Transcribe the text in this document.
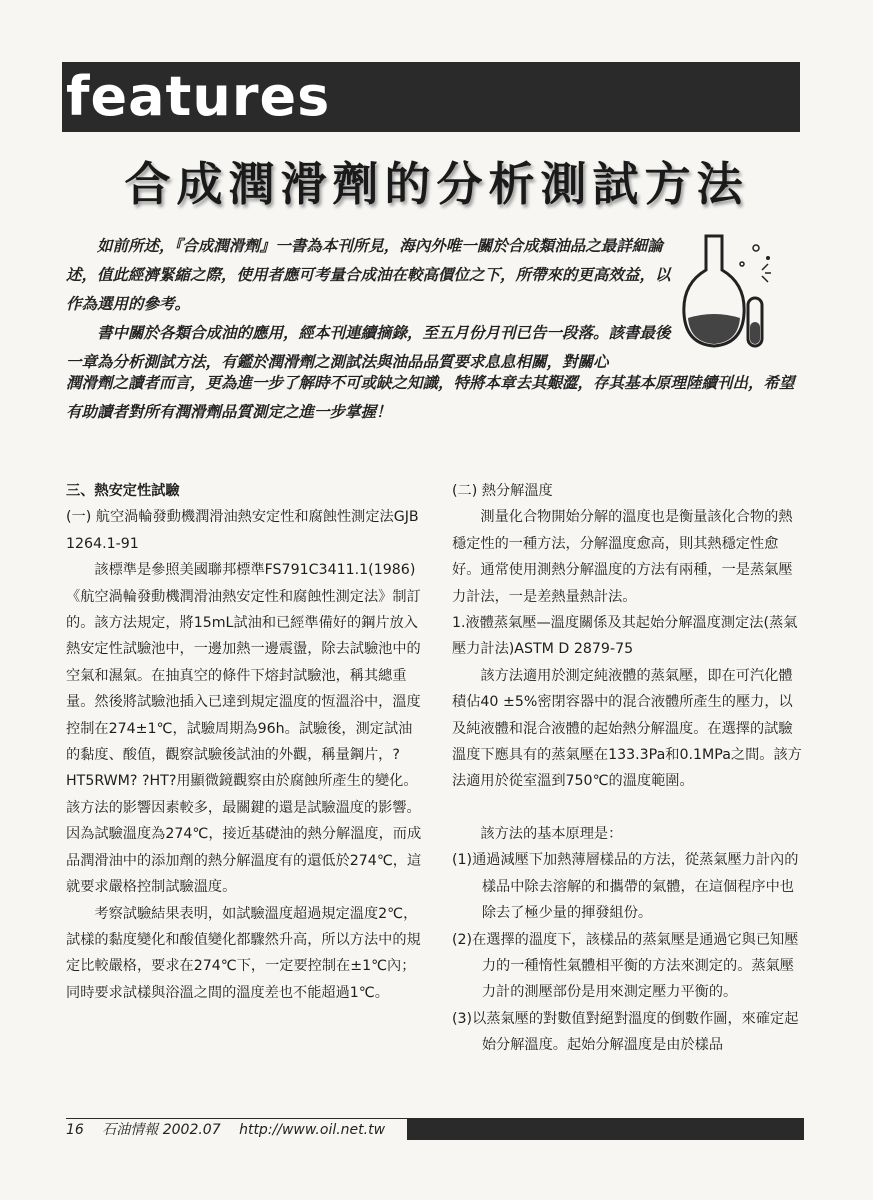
features
合成潤滑劑的分析測試方法

如前所述，『合成潤滑劑』一書為本刊所見，海內外唯一關於合成類油品之最詳細論述，值此經濟緊縮之際，使用者應可考量合成油在較高價位之下，所帶來的更高效益，以作為選用的參考。

書中關於各類合成油的應用，經本刊連續摘錄，至五月份月刊已告一段落。該書最後一章為分析測試方法，有鑑於潤滑劑之測試法與油品品質要求息息相關，對關心

潤滑劑之讀者而言，更為進一步了解時不可或缺之知識，特將本章去其艱澀，存其基本原理陸續刊出，希望有助讀者對所有潤滑劑品質測定之進一步掌握！

三、熱安定性試驗

(一) 航空渦輪發動機潤滑油熱安定性和腐蝕性測定法GJB 1264.1-91

該標準是參照美國聯邦標準FS791C3411.1(1986)《航空渦輪發動機潤滑油熱安定性和腐蝕性測定法》制訂的。該方法規定，將15mL試油和已經準備好的鋼片放入熱安定性試驗池中，一邊加熱一邊震盪，除去試驗池中的空氣和濕氣。在抽真空的條件下熔封試驗池，稱其總重量。然後將試驗池插入已達到規定溫度的恆溫浴中，溫度控制在274±1℃，試驗周期為96h。試驗後，測定試油的黏度、酸值，觀察試驗後試油的外觀，稱量鋼片，?HT5RWM? ?HT?用顯微鏡觀察由於腐蝕所產生的變化。該方法的影響因素較多，最關鍵的還是試驗溫度的影響。因為試驗溫度為274℃，接近基礎油的熱分解溫度，而成品潤滑油中的添加劑的熱分解溫度有的還低於274℃，這就要求嚴格控制試驗溫度。

考察試驗結果表明，如試驗溫度超過規定溫度2℃，試樣的黏度變化和酸值變化都驟然升高，所以方法中的規定比較嚴格，要求在274℃下，一定要控制在±1℃內；同時要求試樣與浴溫之間的溫度差也不能超過1℃。

(二) 熱分解溫度

測量化合物開始分解的溫度也是衡量該化合物的熱穩定性的一種方法，分解溫度愈高，則其熱穩定性愈好。通常使用測熱分解溫度的方法有兩種，一是蒸氣壓力計法，一是差熱量熱計法。

1.液體蒸氣壓—溫度關係及其起始分解溫度測定法(蒸氣壓力計法)ASTM D 2879-75

該方法適用於測定純液體的蒸氣壓，即在可汽化體積佔40 ±5%密閉容器中的混合液體所產生的壓力，以及純液體和混合液體的起始熱分解溫度。在選擇的試驗溫度下應具有的蒸氣壓在133.3Pa和0.1MPa之間。該方法適用於從室溫到750℃的溫度範圍。

該方法的基本原理是：

(1)通過減壓下加熱薄層樣品的方法，從蒸氣壓力計內的樣品中除去溶解的和攜帶的氣體，在這個程序中也除去了極少量的揮發組份。

(2)在選擇的溫度下，該樣品的蒸氣壓是通過它與已知壓力的一種惰性氣體相平衡的方法來測定的。蒸氣壓力計的測壓部份是用來測定壓力平衡的。

(3)以蒸氣壓的對數值對絕對溫度的倒數作圖，來確定起始分解溫度。起始分解溫度是由於樣品

16 石油情報 2002.07 http://www.oil.net.tw
